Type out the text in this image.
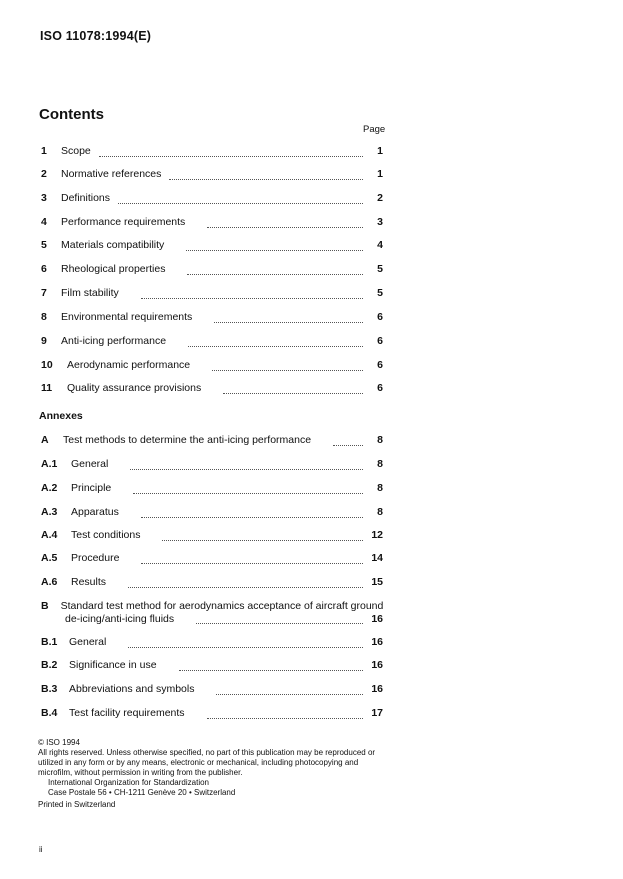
ISO 11078:1994(E)
Contents
Page
1 Scope	1
2 Normative references	1
3 Definitions	2
4 Performance requirements	3
5 Materials compatibility	4
6 Rheological properties	5
7 Film stability	5
8 Environmental requirements	6
9 Anti-icing performance	6
10 Aerodynamic performance	6
11 Quality assurance provisions	6
Annexes
A Test methods to determine the anti-icing performance	8
A.1 General	8
A.2 Principle	8
A.3 Apparatus	8
A.4 Test conditions	12
A.5 Procedure	14
A.6 Results	15
B Standard test method for aerodynamics acceptance of aircraft ground
de-icing/anti-icing fluids	16
B.1 General	16
B.2 Significance in use	16
B.3 Abbreviations and symbols	16
B.4 Test facility requirements	17

© ISO 1994

All rights reserved. Unless otherwise specified, no part of this publication may be reproduced or utilized in any form or by any means, electronic or mechanical, including photocopying and microfilm, without permission in writing from the publisher.

International Organization for Standardization

Case Postale 56 • CH-1211 Genève 20 • Switzerland

Printed in Switzerland

ii
